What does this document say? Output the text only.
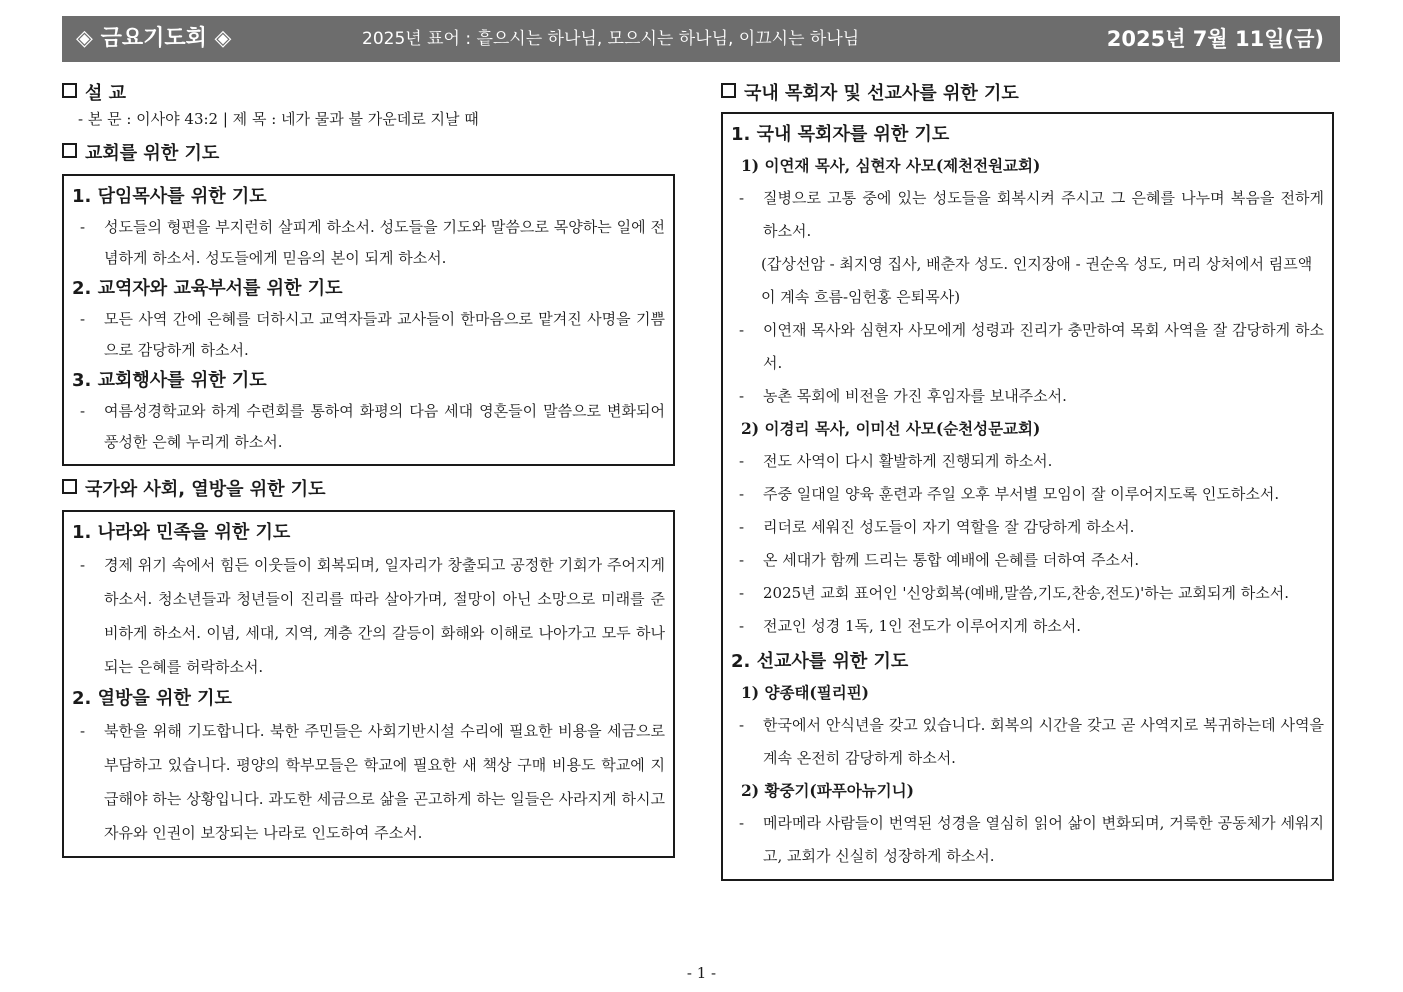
◈ 금요기도회 ◈	2025년 표어 : 흩으시는 하나님, 모으시는 하나님, 이끄시는 하나님	2025년 7월 11일(금)
설 교
- 본 문 : 이사야 43:2 | 제 목 : 네가 물과 불 가운데로 지날 때
교회를 위한 기도
1. 담임목사를 위한 기도
- 성도들의 형편을 부지런히 살피게 하소서. 성도들을 기도와 말씀으로 목양하는 일에 전념하게 하소서. 성도들에게 믿음의 본이 되게 하소서.
2. 교역자와 교육부서를 위한 기도
- 모든 사역 간에 은혜를 더하시고 교역자들과 교사들이 한마음으로 맡겨진 사명을 기쁨으로 감당하게 하소서.
3. 교회행사를 위한 기도
- 여름성경학교와 하계 수련회를 통하여 화평의 다음 세대 영혼들이 말씀으로 변화되어 풍성한 은혜 누리게 하소서.
국가와 사회, 열방을 위한 기도
1. 나라와 민족을 위한 기도
- 경제 위기 속에서 힘든 이웃들이 회복되며, 일자리가 창출되고 공정한 기회가 주어지게 하소서. 청소년들과 청년들이 진리를 따라 살아가며, 절망이 아닌 소망으로 미래를 준비하게 하소서. 이념, 세대, 지역, 계층 간의 갈등이 화해와 이해로 나아가고 모두 하나 되는 은혜를 허락하소서.
2. 열방을 위한 기도
- 북한을 위해 기도합니다. 북한 주민들은 사회기반시설 수리에 필요한 비용을 세금으로 부담하고 있습니다. 평양의 학부모들은 학교에 필요한 새 책상 구매 비용도 학교에 지급해야 하는 상황입니다. 과도한 세금으로 삶을 곤고하게 하는 일들은 사라지게 하시고 자유와 인권이 보장되는 나라로 인도하여 주소서.
국내 목회자 및 선교사를 위한 기도
1. 국내 목회자를 위한 기도
1) 이연재 목사, 심현자 사모(제천전원교회)
- 질병으로 고통 중에 있는 성도들을 회복시켜 주시고 그 은혜를 나누며 복음을 전하게 하소서.
(갑상선암 - 최지영 집사, 배춘자 성도. 인지장애 - 권순옥 성도, 머리 상처에서 림프액이 계속 흐름-임헌홍 은퇴목사)
- 이연재 목사와 심현자 사모에게 성령과 진리가 충만하여 목회 사역을 잘 감당하게 하소서.
- 농촌 목회에 비전을 가진 후임자를 보내주소서.
2) 이경리 목사, 이미선 사모(순천성문교회)
- 전도 사역이 다시 활발하게 진행되게 하소서.
- 주중 일대일 양육 훈련과 주일 오후 부서별 모임이 잘 이루어지도록 인도하소서.
- 리더로 세워진 성도들이 자기 역할을 잘 감당하게 하소서.
- 온 세대가 함께 드리는 통합 예배에 은혜를 더하여 주소서.
- 2025년 교회 표어인 '신앙회복(예배,말씀,기도,찬송,전도)'하는 교회되게 하소서.
- 전교인 성경 1독, 1인 전도가 이루어지게 하소서.
2. 선교사를 위한 기도
1) 양종태(필리핀)
- 한국에서 안식년을 갖고 있습니다. 회복의 시간을 갖고 곧 사역지로 복귀하는데 사역을 계속 온전히 감당하게 하소서.
2) 황중기(파푸아뉴기니)
- 메라메라 사람들이 번역된 성경을 열심히 읽어 삶이 변화되며, 거룩한 공동체가 세워지고, 교회가 신실히 성장하게 하소서.
- 1 -
